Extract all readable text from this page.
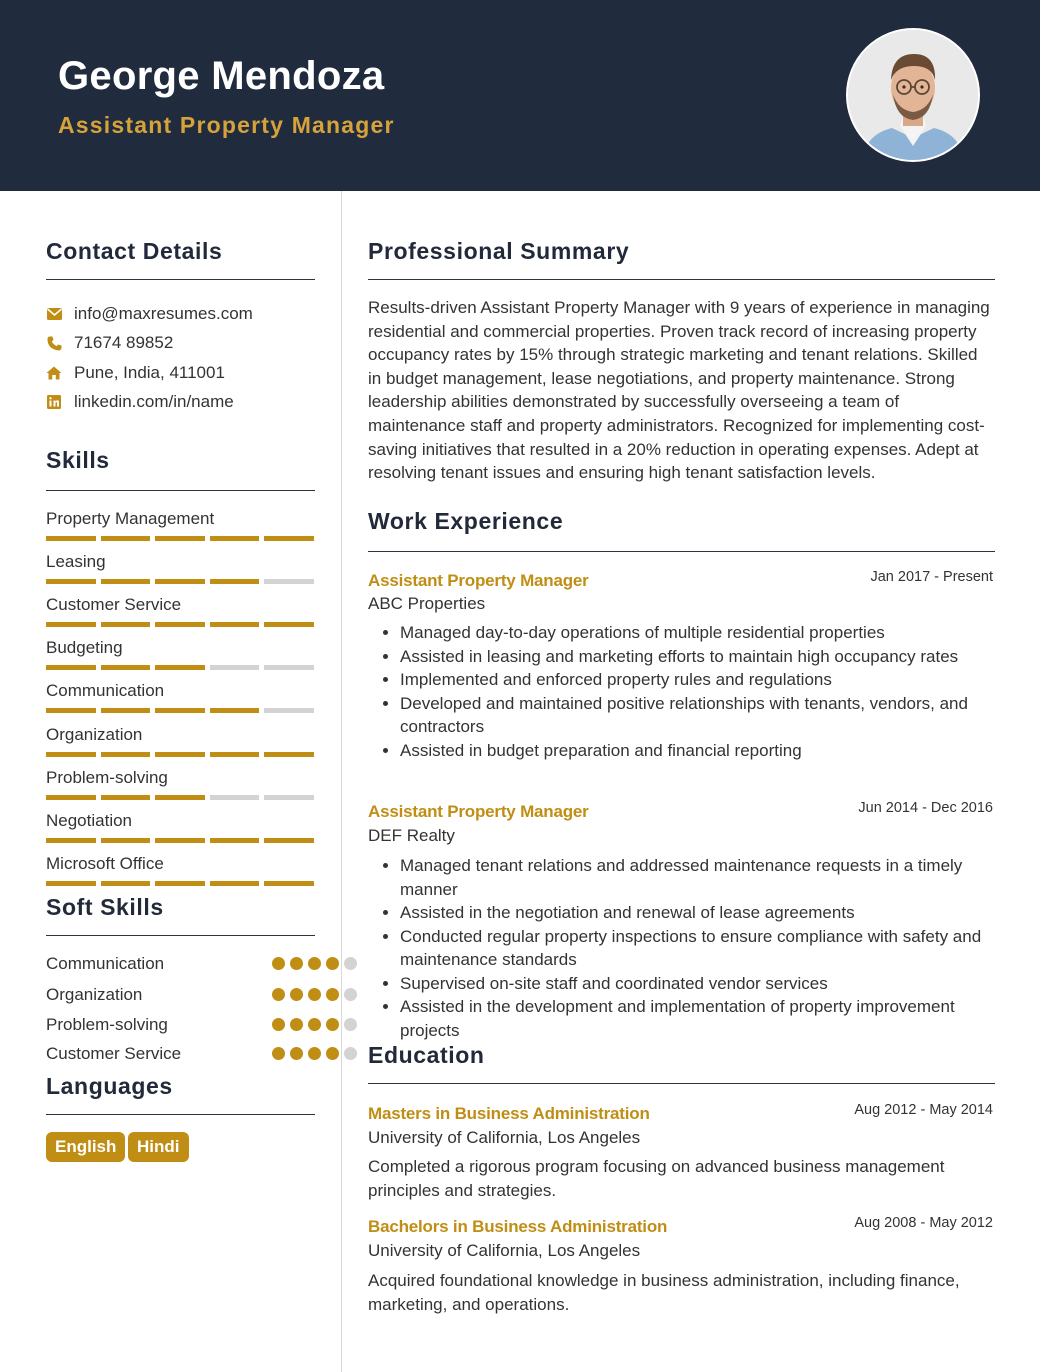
George Mendoza
Assistant Property Manager
Contact Details
info@maxresumes.com
71674 89852
Pune, India, 411001
linkedin.com/in/name
Skills
Property Management
Leasing
Customer Service
Budgeting
Communication
Organization
Problem-solving
Negotiation
Microsoft Office
Soft Skills
Communication
Organization
Problem-solving
Customer Service
Languages
English	Hindi
Professional Summary

Results-driven Assistant Property Manager with 9 years of experience in managing residential and commercial properties. Proven track record of increasing property occupancy rates by 15% through strategic marketing and tenant relations. Skilled in budget management, lease negotiations, and property maintenance. Strong leadership abilities demonstrated by successfully overseeing a team of maintenance staff and property administrators. Recognized for implementing cost-saving initiatives that resulted in a 20% reduction in operating expenses. Adept at resolving tenant issues and ensuring high tenant satisfaction levels.

Work Experience
Assistant Property Manager	Jan 2017 - Present
ABC Properties
• Managed day-to-day operations of multiple residential properties
• Assisted in leasing and marketing efforts to maintain high occupancy rates
• Implemented and enforced property rules and regulations
• Developed and maintained positive relationships with tenants, vendors, and contractors
• Assisted in budget preparation and financial reporting
Assistant Property Manager	Jun 2014 - Dec 2016
DEF Realty
• Managed tenant relations and addressed maintenance requests in a timely manner
• Assisted in the negotiation and renewal of lease agreements
• Conducted regular property inspections to ensure compliance with safety and maintenance standards
• Supervised on-site staff and coordinated vendor services
• Assisted in the development and implementation of property improvement projects
Education
Masters in Business Administration	Aug 2012 - May 2014
University of California, Los Angeles

Completed a rigorous program focusing on advanced business management principles and strategies.

Bachelors in Business Administration	Aug 2008 - May 2012
University of California, Los Angeles

Acquired foundational knowledge in business administration, including finance, marketing, and operations.
